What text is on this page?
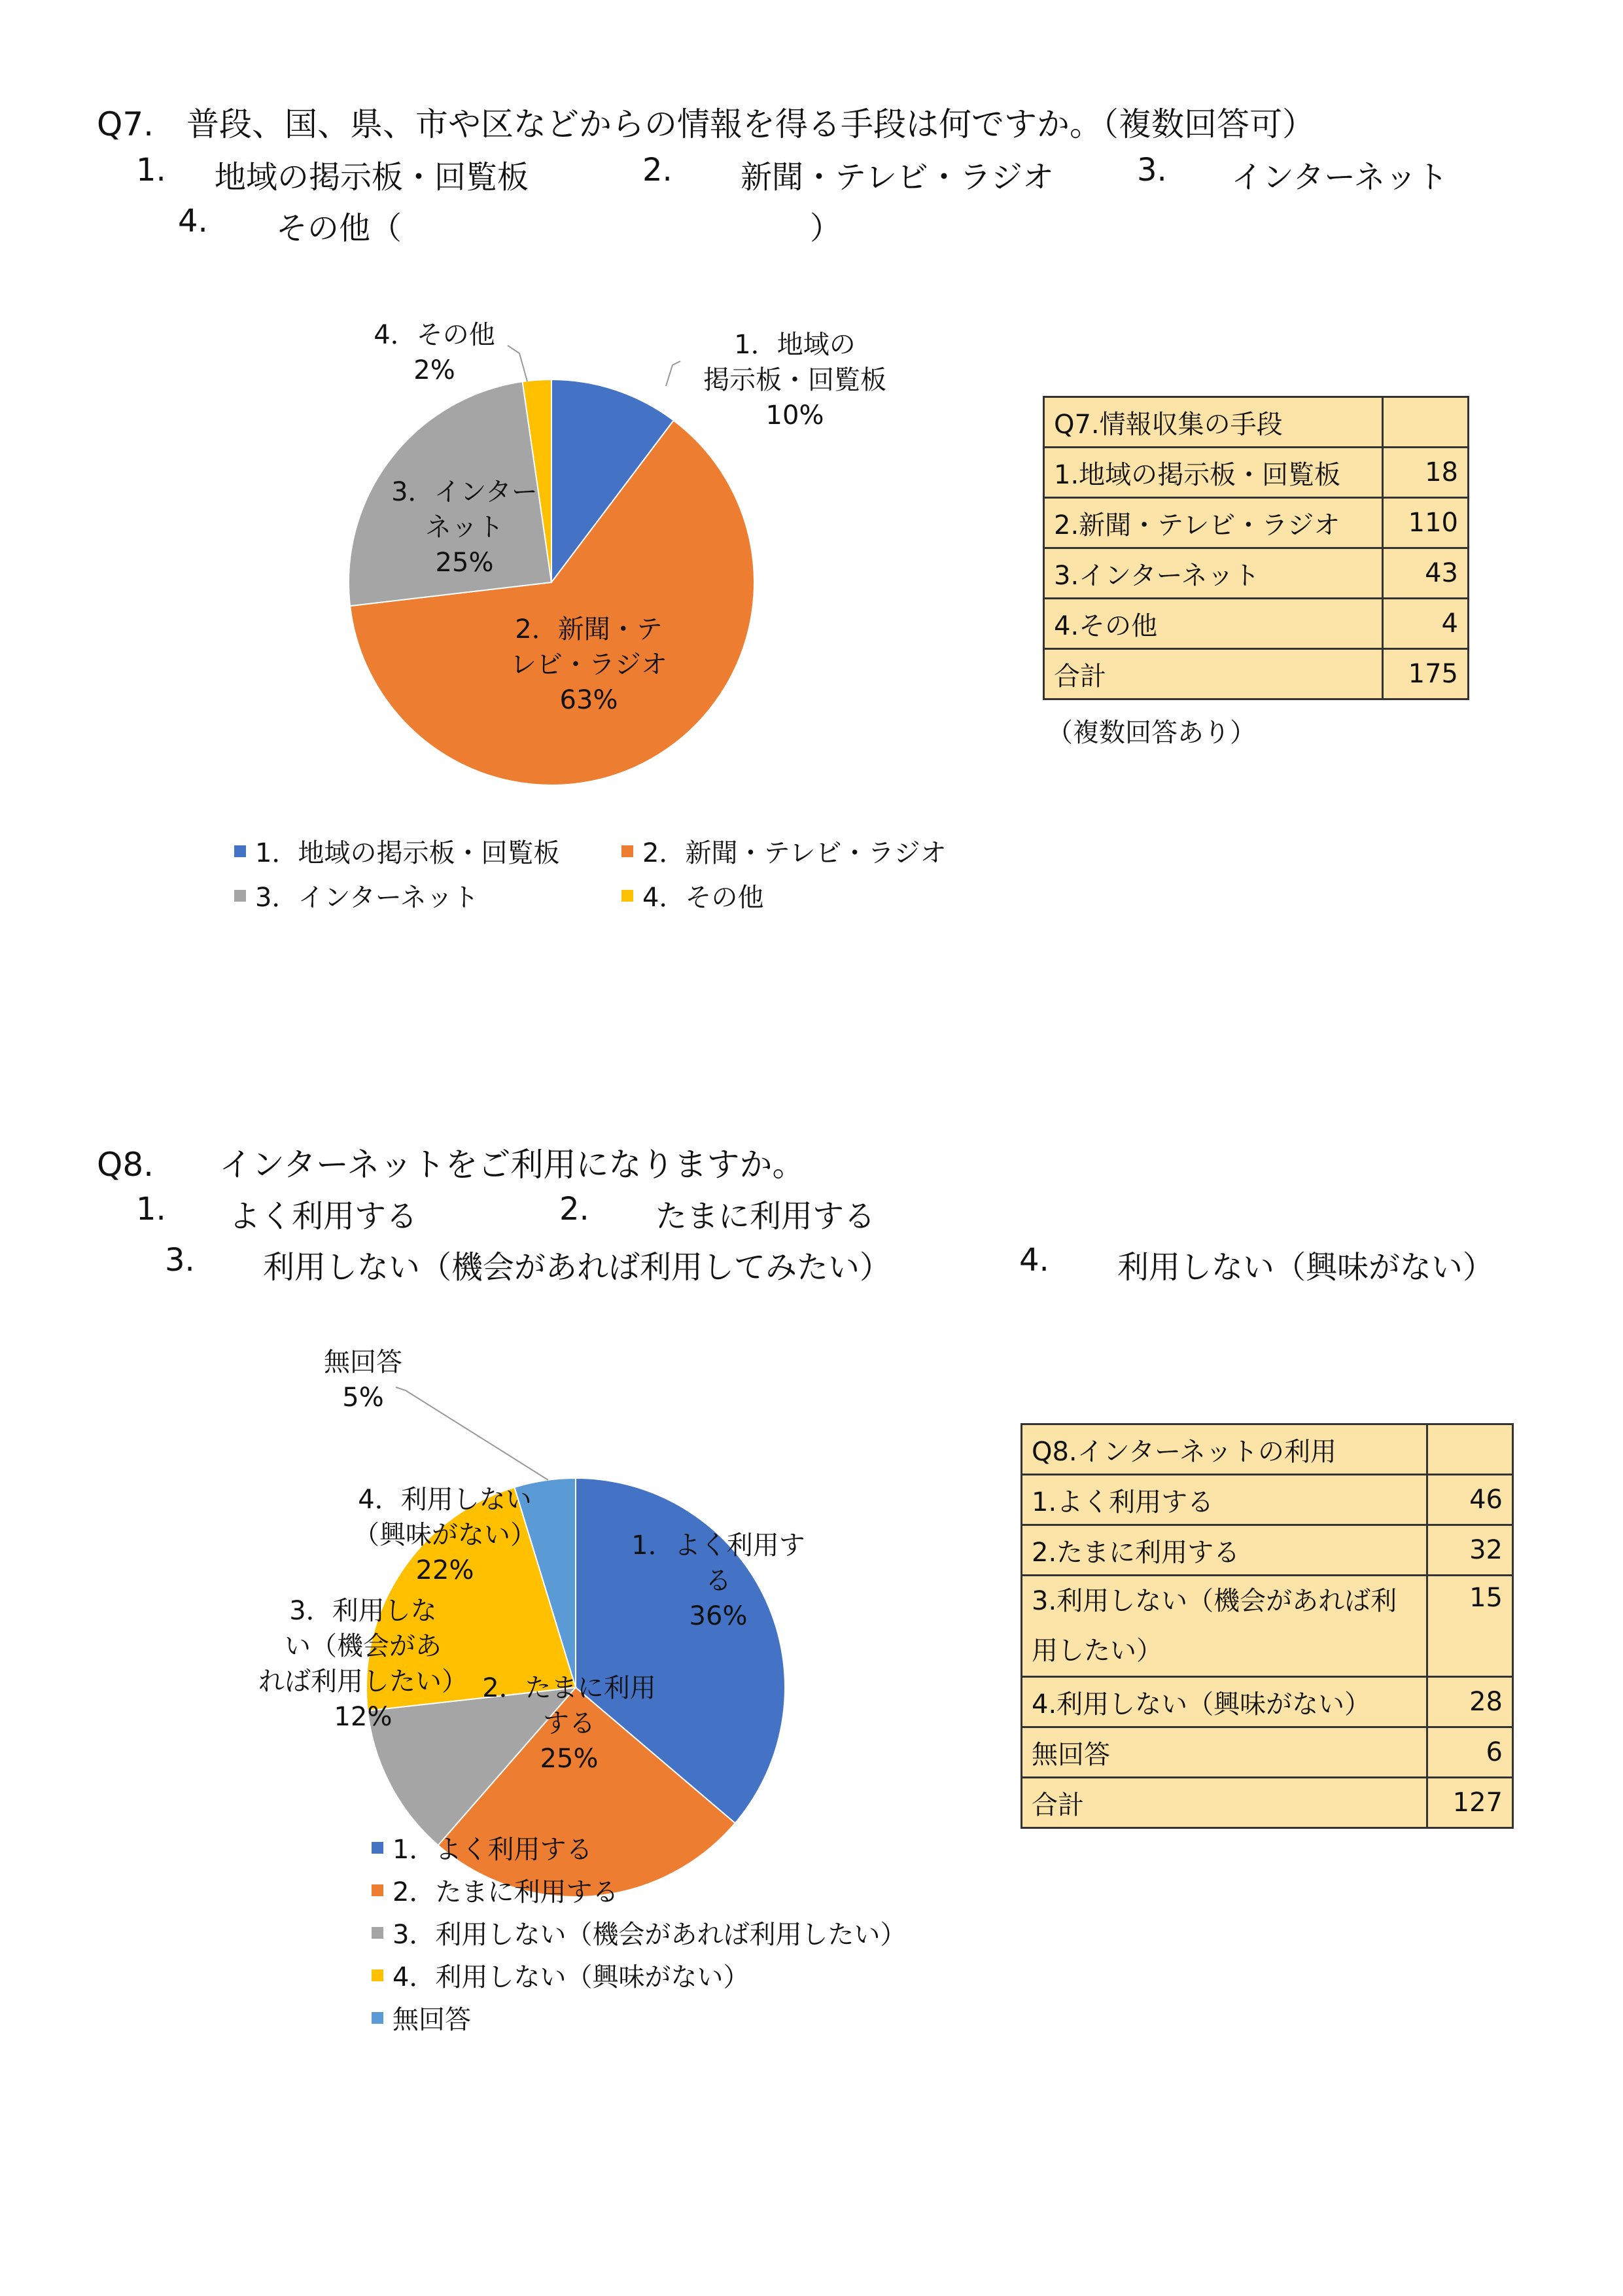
Q7.　普段、国、県、市や区などからの情報を得る手段は何ですか。（複数回答可）
1. 地域の掲示板・回覧板	2. 新聞・テレビ・ラジオ	3. インターネット
4. その他（　　　　　　　　　　　　　）
1．地域の掲示板・回覧板 10%
2．新聞・テレビ・ラジオ 63%
3．インターネット 25%
4．その他 2%
1．地域の掲示板・回覧板	2．新聞・テレビ・ラジオ
3．インターネット	4．その他
Q7.情報収集の手段	
1.地域の掲示板・回覧板	18
2.新聞・テレビ・ラジオ	110
3.インターネット	43
4.その他	4
合計	175
（複数回答あり）
Q8.　　インターネットをご利用になりますか。
1. よく利用する	2. たまに利用する
3. 利用しない（機会があれば利用してみたい）	4. 利用しない（興味がない）
1．よく利用する 36%
2．たまに利用する 25%
3．利用しない（機会があれば利用したい） 12%
4．利用しない（興味がない） 22%
無回答 5%
1．よく利用する
2．たまに利用する
3．利用しない（機会があれば利用したい）
4．利用しない（興味がない）
無回答
Q8.インターネットの利用	
1.よく利用する	46
2.たまに利用する	32
3.利用しない（機会があれば利　用したい）	15
4.利用しない（興味がない）	28
無回答	6
合計	127
